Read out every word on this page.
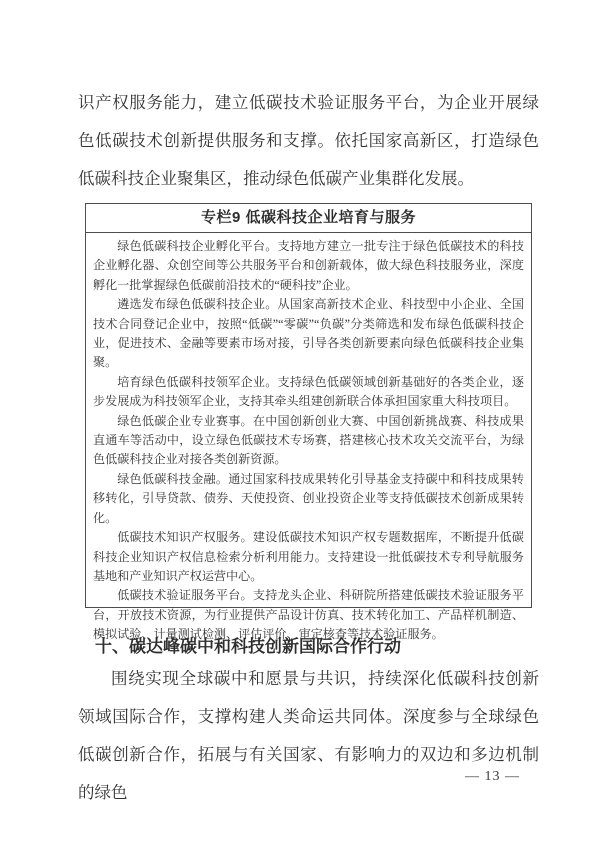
识产权服务能力，建立低碳技术验证服务平台，为企业开展绿色低碳技术创新提供服务和支撑。依托国家高新区，打造绿色低碳科技企业聚集区，推动绿色低碳产业集群化发展。
专栏9 低碳科技企业培育与服务

绿色低碳科技企业孵化平台。支持地方建立一批专注于绿色低碳技术的科技企业孵化器、众创空间等公共服务平台和创新载体，做大绿色科技服务业，深度孵化一批掌握绿色低碳前沿技术的“硬科技”企业。

遴选发布绿色低碳科技企业。从国家高新技术企业、科技型中小企业、全国技术合同登记企业中，按照“低碳”“零碳”“负碳”分类筛选和发布绿色低碳科技企业，促进技术、金融等要素市场对接，引导各类创新要素向绿色低碳科技企业集聚。

培育绿色低碳科技领军企业。支持绿色低碳领域创新基础好的各类企业，逐步发展成为科技领军企业，支持其牵头组建创新联合体承担国家重大科技项目。

绿色低碳企业专业赛事。在中国创新创业大赛、中国创新挑战赛、科技成果直通车等活动中，设立绿色低碳技术专场赛，搭建核心技术攻关交流平台，为绿色低碳科技企业对接各类创新资源。

绿色低碳科技金融。通过国家科技成果转化引导基金支持碳中和科技成果转移转化，引导贷款、债券、天使投资、创业投资企业等支持低碳技术创新成果转化。

低碳技术知识产权服务。建设低碳技术知识产权专题数据库，不断提升低碳科技企业知识产权信息检索分析利用能力。支持建设一批低碳技术专利导航服务基地和产业知识产权运营中心。

低碳技术验证服务平台。支持龙头企业、科研院所搭建低碳技术验证服务平台，开放技术资源，为行业提供产品设计仿真、技术转化加工、产品样机制造、模拟试验、计量测试检测、评估评价、审定核查等技术验证服务。

十、碳达峰碳中和科技创新国际合作行动
围绕实现全球碳中和愿景与共识，持续深化低碳科技创新领域国际合作，支撑构建人类命运共同体。深度参与全球绿色低碳创新合作，拓展与有关国家、有影响力的双边和多边机制的绿色
— 13 —
